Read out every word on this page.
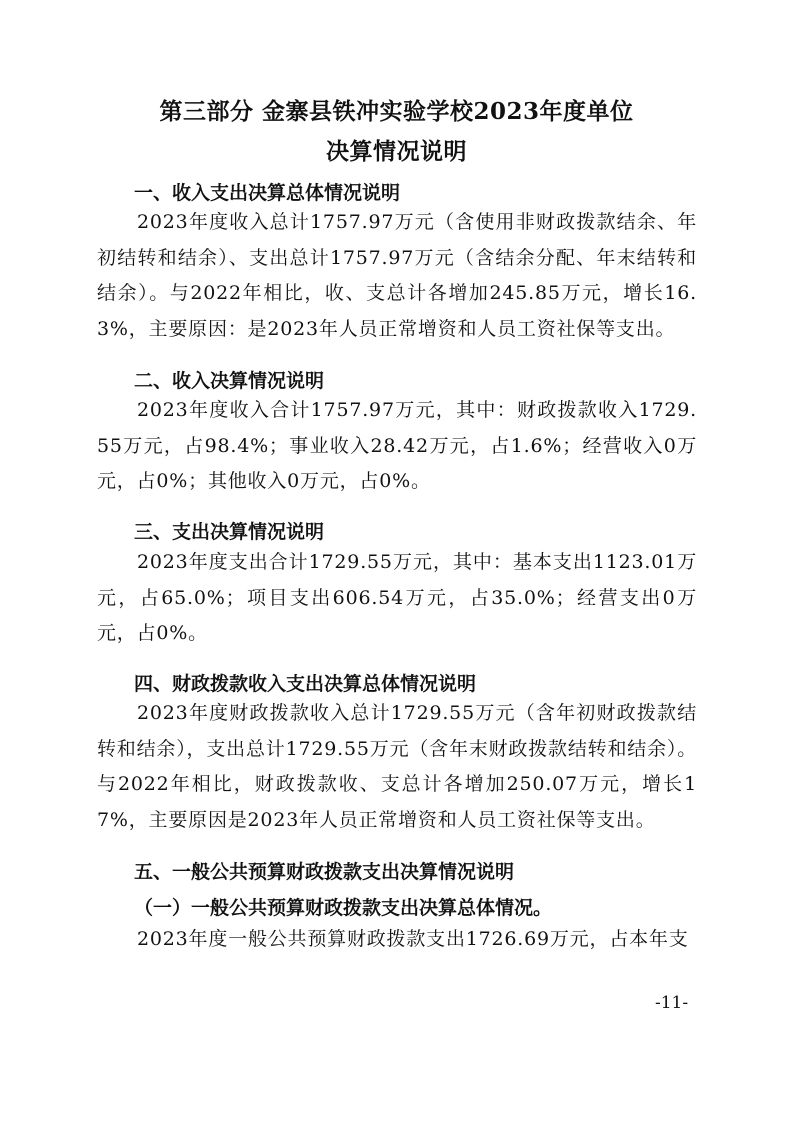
第三部分 金寨县铁冲实验学校2023年度单位
决算情况说明
一、收入支出决算总体情况说明

2023年度收入总计1757.97万元（含使用非财政拨款结余、年初结转和结余）、支出总计1757.97万元（含结余分配、年末结转和结余）。与2022年相比，收、支总计各增加245.85万元，增长16.3%，主要原因：是2023年人员正常增资和人员工资社保等支出。

二、收入决算情况说明

2023年度收入合计1757.97万元，其中：财政拨款收入1729.55万元，占98.4%；事业收入28.42万元，占1.6%；经营收入0万元，占0%；其他收入0万元，占0%。

三、支出决算情况说明

2023年度支出合计1729.55万元，其中：基本支出1123.01万元，占65.0%；项目支出606.54万元，占35.0%；经营支出0万元，占0%。

四、财政拨款收入支出决算总体情况说明

2023年度财政拨款收入总计1729.55万元（含年初财政拨款结转和结余），支出总计1729.55万元（含年末财政拨款结转和结余）。与2022年相比，财政拨款收、支总计各增加250.07万元，增长17%，主要原因是2023年人员正常增资和人员工资社保等支出。

五、一般公共预算财政拨款支出决算情况说明
（一）一般公共预算财政拨款支出决算总体情况。

2023年度一般公共预算财政拨款支出1726.69万元，占本年支

-11-
